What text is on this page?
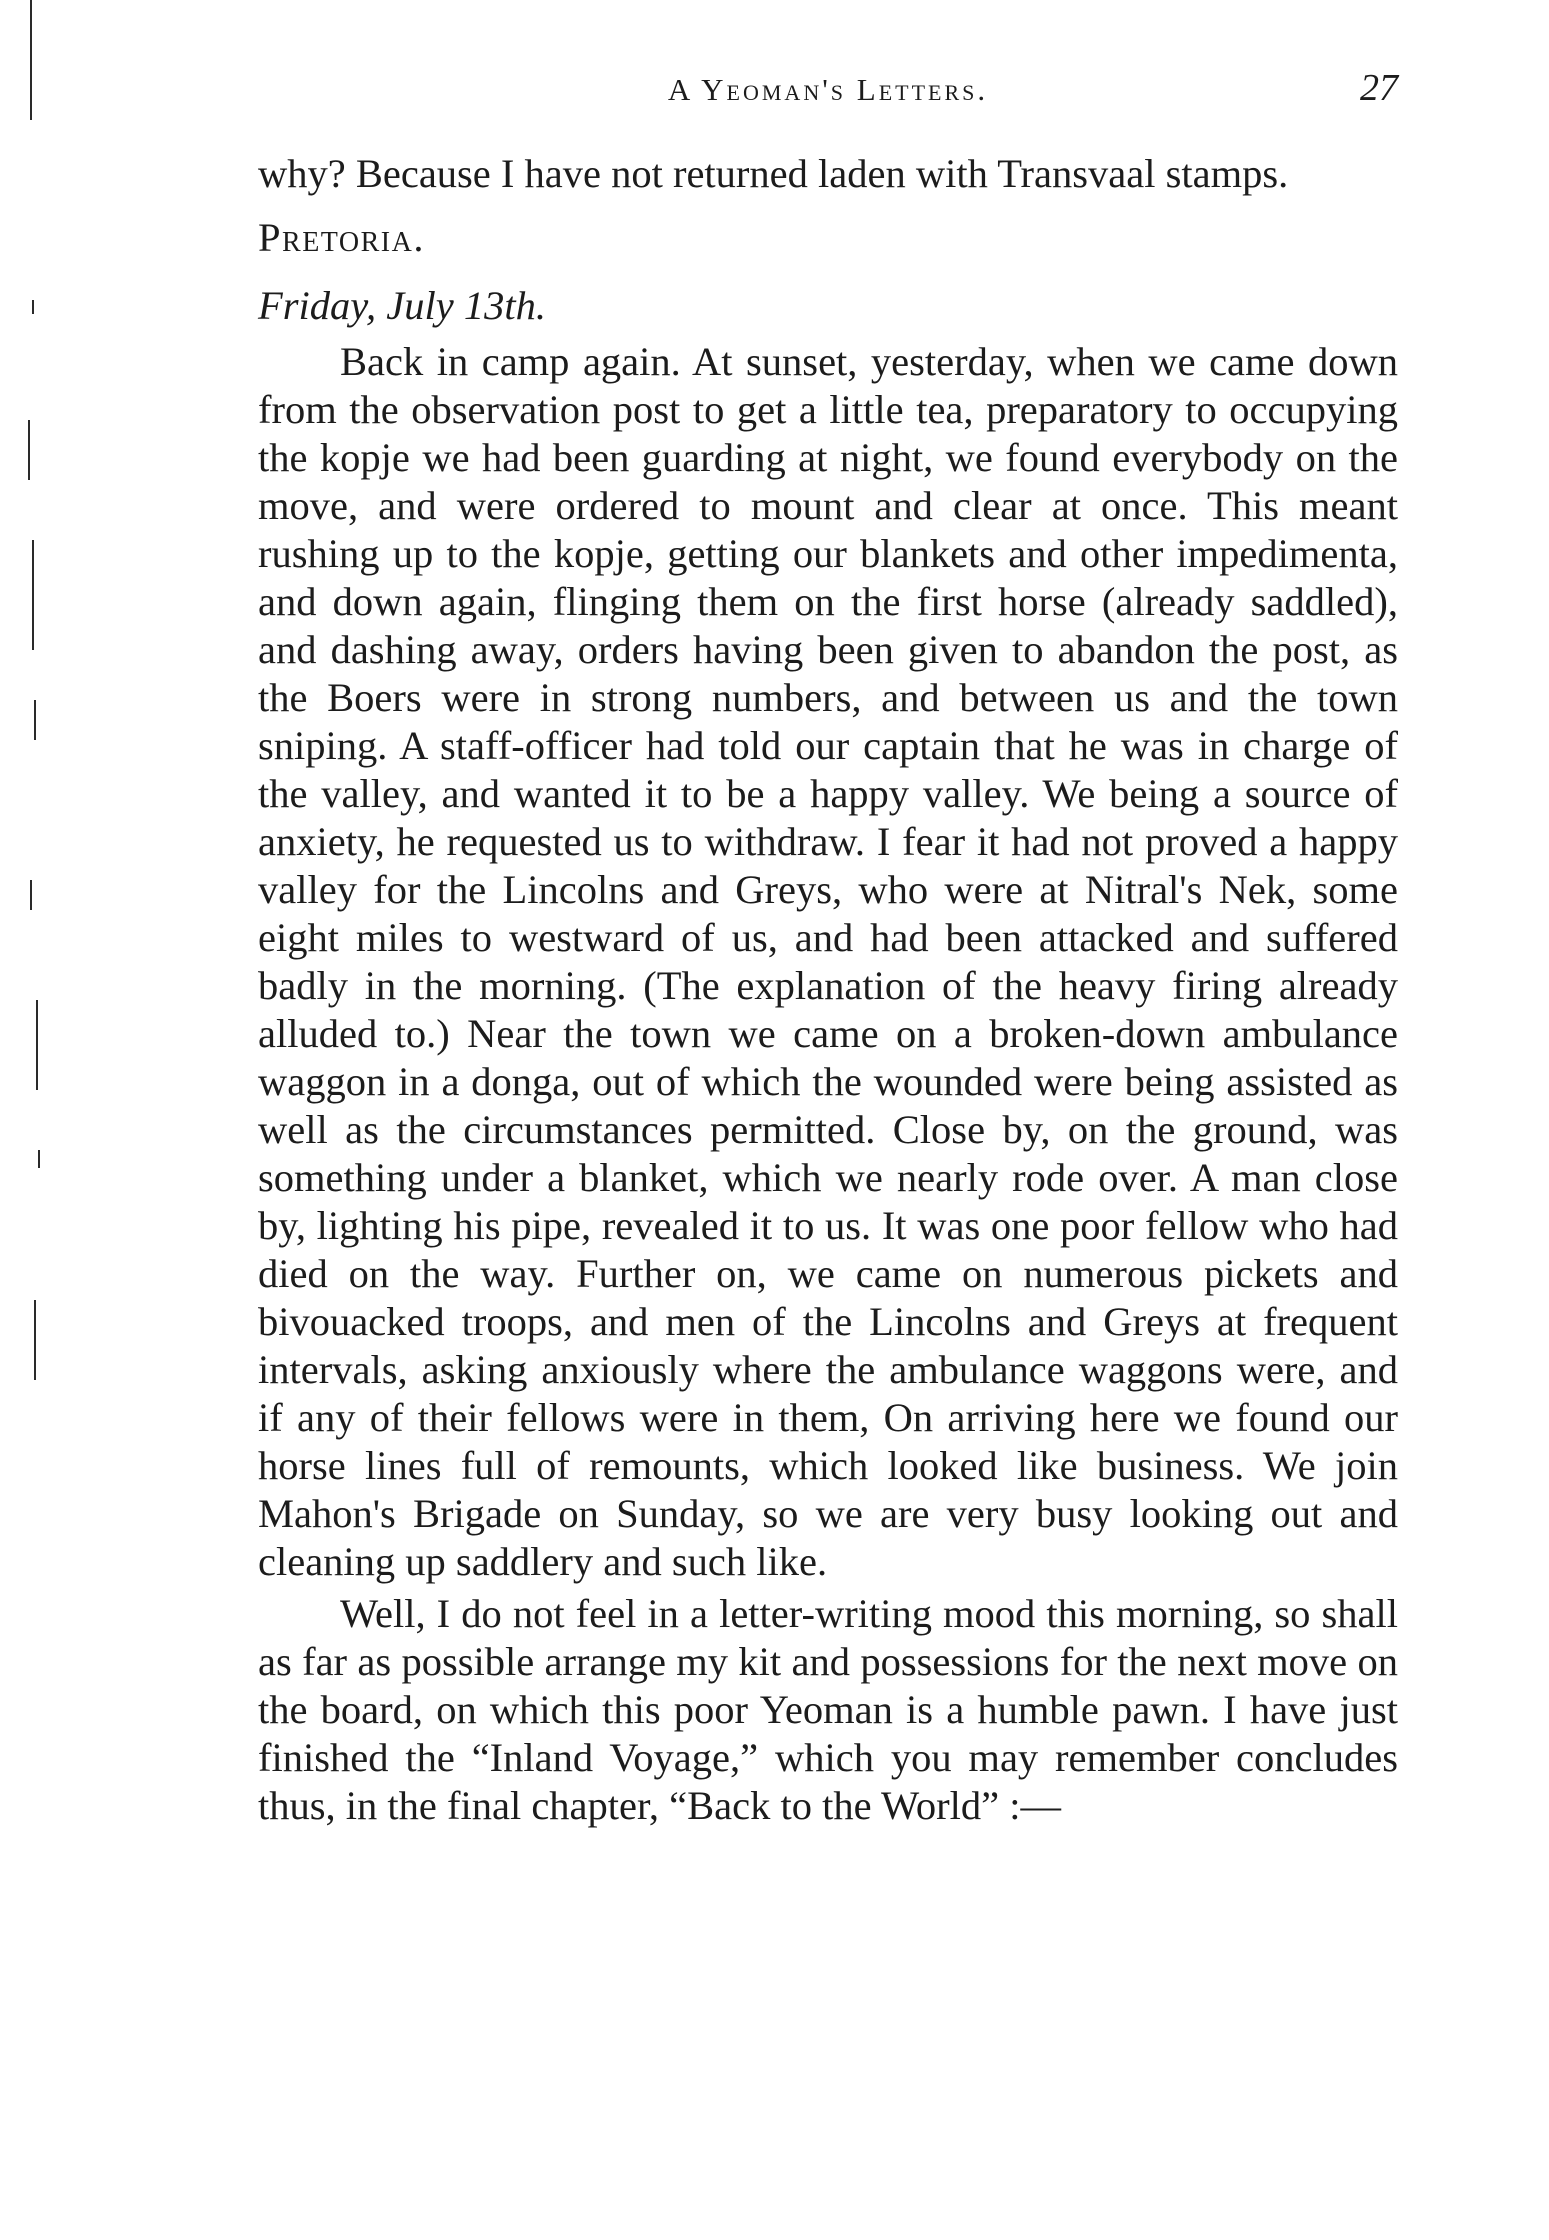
A Yeoman's Letters.	27

why? Because I have not returned laden with Transvaal stamps.

Pretoria.

Friday, July 13th.

Back in camp again. At sunset, yesterday, when we came down from the observation post to get a little tea, preparatory to occupying the kopje we had been guarding at night, we found everybody on the move, and were ordered to mount and clear at once. This meant rushing up to the kopje, getting our blankets and other impedimenta, and down again, flinging them on the first horse (already saddled), and dashing away, orders having been given to abandon the post, as the Boers were in strong numbers, and between us and the town sniping. A staff-officer had told our captain that he was in charge of the valley, and wanted it to be a happy valley. We being a source of anxiety, he requested us to withdraw. I fear it had not proved a happy valley for the Lincolns and Greys, who were at Nitral's Nek, some eight miles to westward of us, and had been attacked and suffered badly in the morning. (The explanation of the heavy firing already alluded to.) Near the town we came on a broken-down ambulance waggon in a donga, out of which the wounded were being assisted as well as the circumstances permitted. Close by, on the ground, was something under a blanket, which we nearly rode over. A man close by, lighting his pipe, revealed it to us. It was one poor fellow who had died on the way. Further on, we came on numerous pickets and bivouacked troops, and men of the Lincolns and Greys at frequent intervals, asking anxiously where the ambulance waggons were, and if any of their fellows were in them, On arriving here we found our horse lines full of remounts, which looked like business. We join Mahon's Brigade on Sunday, so we are very busy looking out and cleaning up saddlery and such like.

Well, I do not feel in a letter-writing mood this morning, so shall as far as possible arrange my kit and possessions for the next move on the board, on which this poor Yeoman is a humble pawn. I have just finished the “Inland Voyage,” which you may remember concludes thus, in the final chapter, “Back to the World” :—
